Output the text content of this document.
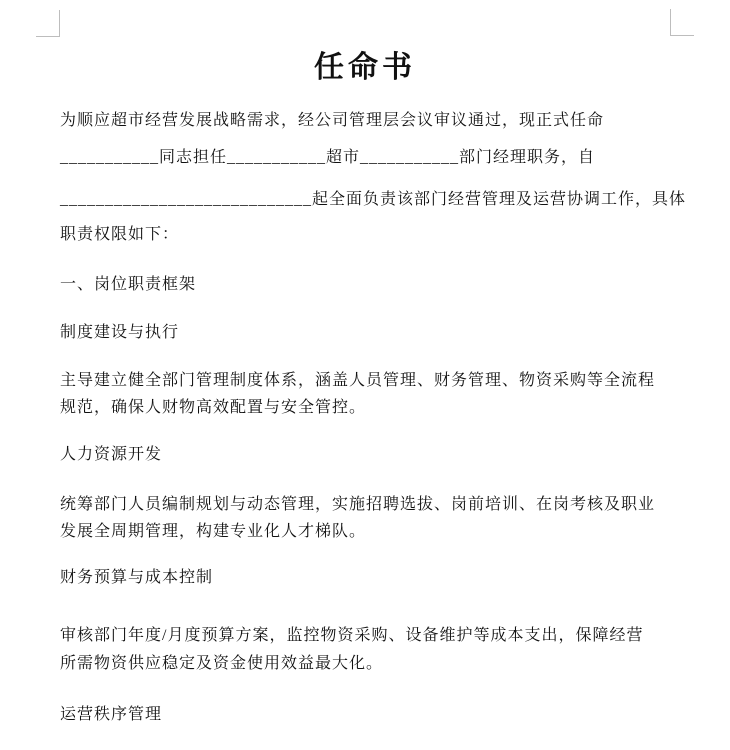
任命书

为顺应超市经营发展战略需求，经公司管理层会议审议通过，现正式任命

___________同志担任___________超市___________部门经理职务，自

____________________________起全面负责该部门经营管理及运营协调工作，具体

职责权限如下：

一、岗位职责框架

制度建设与执行

主导建立健全部门管理制度体系，涵盖人员管理、财务管理、物资采购等全流程

规范，确保人财物高效配置与安全管控。

人力资源开发

统筹部门人员编制规划与动态管理，实施招聘选拔、岗前培训、在岗考核及职业

发展全周期管理，构建专业化人才梯队。

财务预算与成本控制

审核部门年度/月度预算方案，监控物资采购、设备维护等成本支出，保障经营

所需物资供应稳定及资金使用效益最大化。

运营秩序管理
